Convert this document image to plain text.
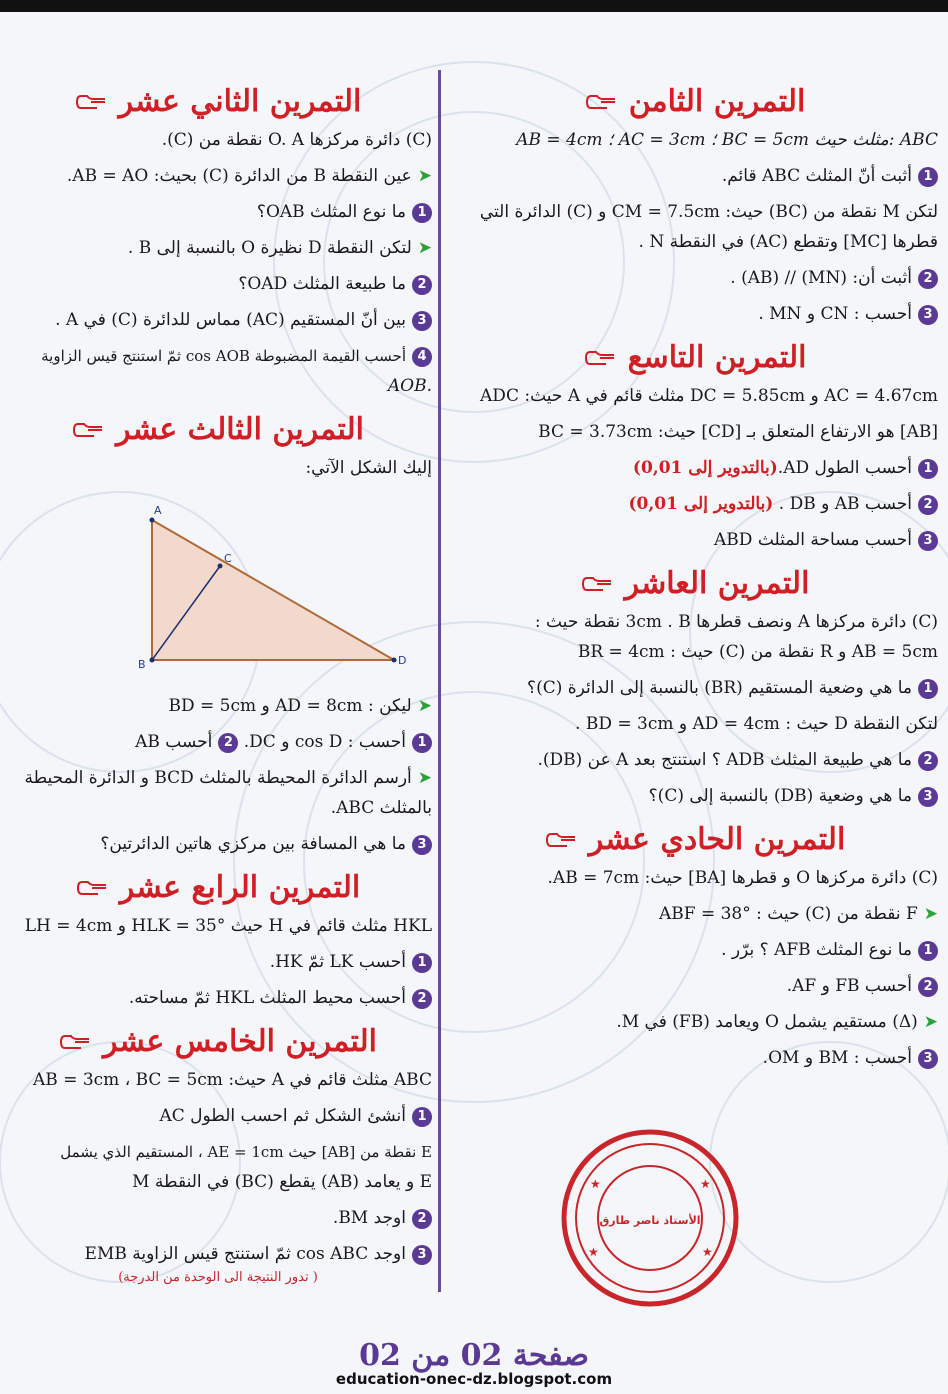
التمرين الثامن
AB = 4cm ؛ AC = 3cm ؛ BC = 5cm مثلث حيث: ABC
1أثبت أنّ المثلث ABC قائم.
لتكن M نقطة من (BC) حيث: CM = 7.5cm و (C) الدائرة التي
قطرها [MC] وتقطع (AC) في النقطة N .
2أثبت أن: (MN) // (AB) .
3أحسب : CN و MN .
التمرين التاسع
AC = 4.67cm و DC = 5.85cm مثلث قائم في A حيث: ADC
[AB] هو الارتفاع المتعلق بـ [CD] حيث: BC = 3.73cm
1أحسب الطول AD.(بالتدوير إلى 0,01)
2أحسب AB و DB . (بالتدوير إلى 0,01)
3أحسب مساحة المثلث ABD
التمرين العاشر
(C) دائرة مركزها A ونصف قطرها 3cm . B نقطة حيث :
AB = 5cm و R نقطة من (C) حيث : BR = 4cm
1ما هي وضعية المستقيم (BR) بالنسبة إلى الدائرة (C)؟
لتكن النقطة D حيث : AD = 4cm و BD = 3cm .
2ما هي طبيعة المثلث ADB ؟ استنتج بعد A عن (DB).
3ما هي وضعية (DB) بالنسبة إلى (C)؟
التمرين الحادي عشر
(C) دائرة مركزها O و قطرها [BA] حيث: AB = 7cm.
➤F نقطة من (C) حيث : ABF = 38°
1ما نوع المثلث AFB ؟ برّر .
2أحسب FB و AF.
➤(Δ) مستقيم يشمل O ويعامد (FB) في M.
3أحسب : BM و OM.
التمرين الثاني عشر
(C) دائرة مركزها O. A نقطة من (C).
➤عين النقطة B من الدائرة (C) بحيث: AB = AO.
1ما نوع المثلث OAB؟
➤لتكن النقطة D نظيرة O بالنسبة إلى B .
2ما طبيعة المثلث OAD؟
3بين أنّ المستقيم (AC) مماس للدائرة (C) في A .
4أحسب القيمة المضبوطة cos AOB ثمّ استنتج قيس الزاوية
AOB.
التمرين الثالث عشر
إليك الشكل الآتي:
A
B
C
D
➤ليكن : AD = 8cm و BD = 5cm
1أحسب : cos D و DC. 2أحسب AB
➤أرسم الدائرة المحيطة بالمثلث BCD و الدائرة المحيطة
بالمثلث ABC.
3ما هي المسافة بين مركزي هاتين الدائرتين؟
التمرين الرابع عشر
HKL مثلث قائم في H حيث HLK = 35° و LH = 4cm
1أحسب LK ثمّ HK.
2أحسب محيط المثلث HKL ثمّ مساحته.
التمرين الخامس عشر
ABC مثلث قائم في A حيث: AB = 3cm ، BC = 5cm
1أنشئ الشكل ثم احسب الطول AC
E نقطة من [AB] حيث AE = 1cm ، المستقيم الذي يشمل
E و يعامد (AB) يقطع (BC) في النقطة M
2اوجد BM.
3اوجد cos ABC ثمّ استنتج قيس الزاوية EMB
( تدور النتيجة الى الوحدة من الدرجة)
★	★
★	★
الأستاذ ناصر طارق
صفحة 02 من 02
education-onec-dz.blogspot.com
